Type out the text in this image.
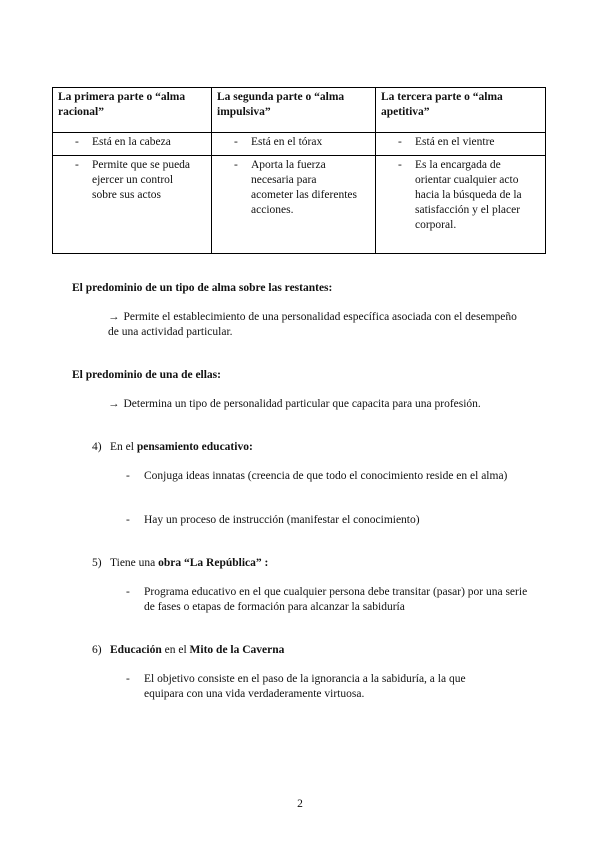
La primera parte o “alma racional”	La segunda parte o “alma impulsiva”	La tercera parte o “alma apetitiva”

- Está en la cabeza	- Está en el tórax	- Está en el vientre

- Permite que se pueda ejercer un control sobre sus actos	- Aporta la fuerza necesaria para acometer las diferentes acciones.	- Es la encargada de orientar cualquier acto hacia la búsqueda de la satisfacción y el placer corporal.
El predominio de un tipo de alma sobre las restantes:
→ Permite el establecimiento de una personalidad específica asociada con el desempeño de una actividad particular.
El predominio de una de ellas:
→ Determina un tipo de personalidad particular que capacita para una profesión.
4) En el pensamiento educativo:
- Conjuga ideas innatas (creencia de que todo el conocimiento reside en el alma)
- Hay un proceso de instrucción (manifestar el conocimiento)
5) Tiene una obra “La República” :
- Programa educativo en el que cualquier persona debe transitar (pasar) por una serie de fases o etapas de formación para alcanzar la sabiduría
6) Educación en el Mito de la Caverna
- El objetivo consiste en el paso de la ignorancia a la sabiduría, a la que equipara con una vida verdaderamente virtuosa.
2
